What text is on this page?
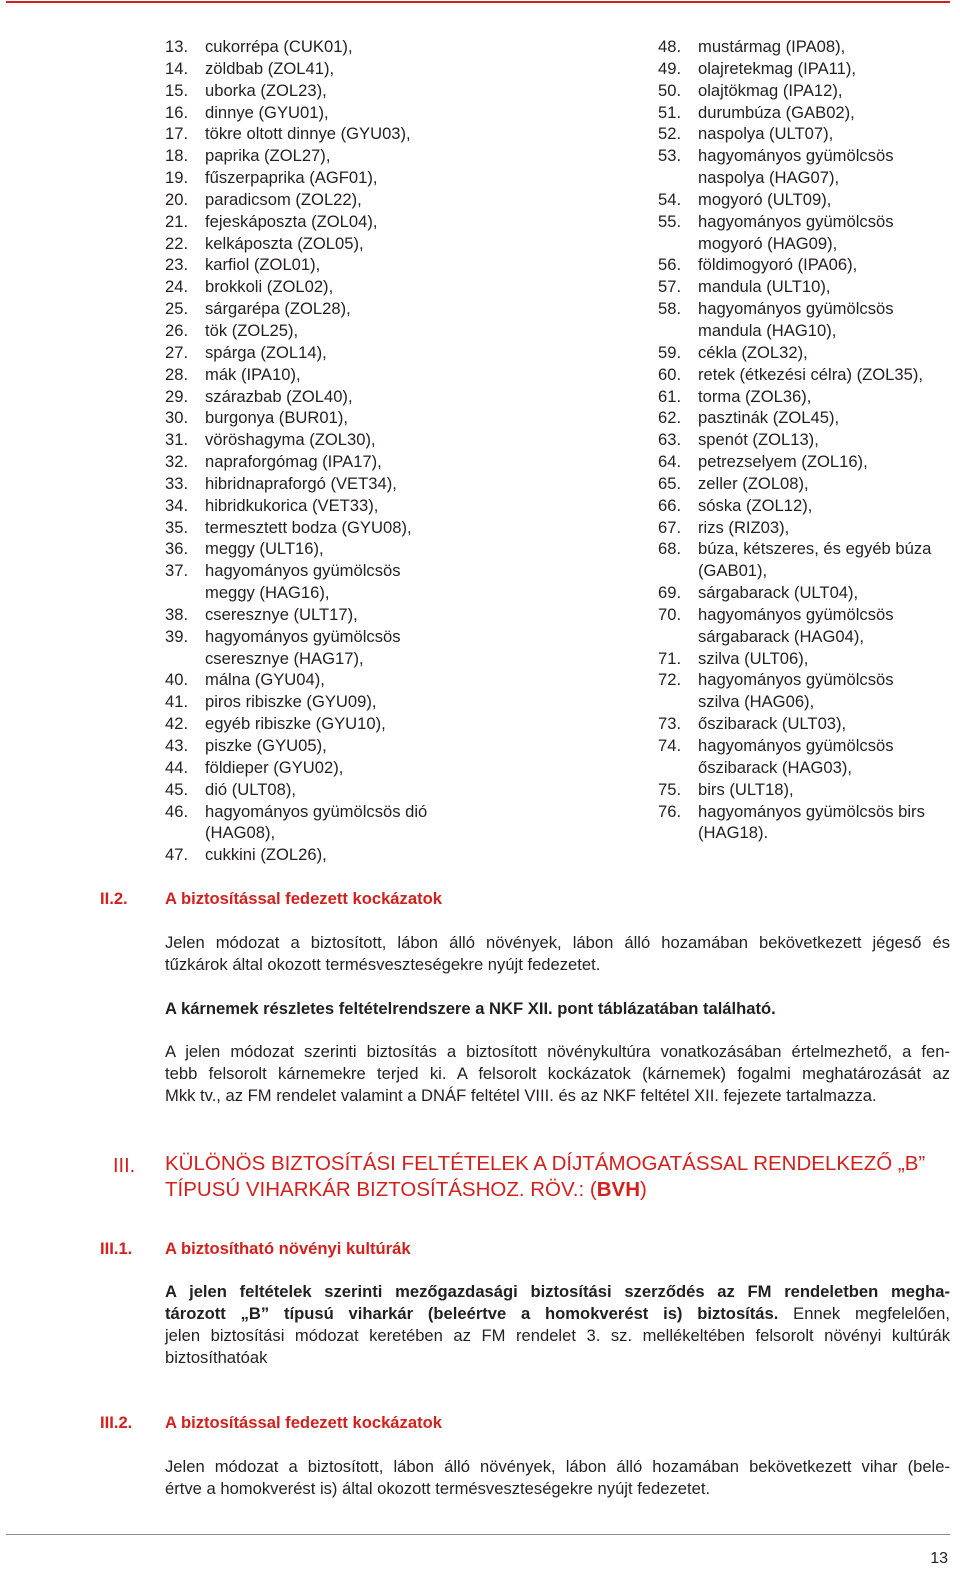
13.	cukorrépa (CUK01),
14.	zöldbab (ZOL41),
15.	uborka (ZOL23),
16.	dinnye (GYU01),
17.	tökre oltott dinnye (GYU03),
18.	paprika (ZOL27),
19.	fűszerpaprika (AGF01),
20.	paradicsom (ZOL22),
21.	fejeskáposzta (ZOL04),
22.	kelkáposzta (ZOL05),
23.	karfiol (ZOL01),
24.	brokkoli (ZOL02),
25.	sárgarépa (ZOL28),
26.	tök (ZOL25),
27.	spárga (ZOL14),
28.	mák (IPA10),
29.	szárazbab (ZOL40),
30.	burgonya (BUR01),
31.	vöröshagyma (ZOL30),
32.	napraforgómag (IPA17),
33.	hibridnapraforgó (VET34),
34.	hibridkukorica (VET33),
35.	termesztett bodza (GYU08),
36.	meggy (ULT16),
37.	hagyományos gyümölcsös
meggy (HAG16),
38.	cseresznye (ULT17),
39.	hagyományos gyümölcsös
cseresznye (HAG17),
40.	málna (GYU04),
41.	piros ribiszke (GYU09),
42.	egyéb ribiszke (GYU10),
43.	piszke (GYU05),
44.	földieper (GYU02),
45.	dió (ULT08),
46.	hagyományos gyümölcsös dió
(HAG08),
47.	cukkini (ZOL26),
48.	mustármag (IPA08),
49.	olajretekmag (IPA11),
50.	olajtökmag (IPA12),
51.	durumbúza (GAB02),
52.	naspolya (ULT07),
53.	hagyományos gyümölcsös
naspolya (HAG07),
54.	mogyoró (ULT09),
55.	hagyományos gyümölcsös
mogyoró (HAG09),
56.	földimogyoró (IPA06),
57.	mandula (ULT10),
58.	hagyományos gyümölcsös
mandula (HAG10),
59.	cékla (ZOL32),
60.	retek (étkezési célra) (ZOL35),
61.	torma (ZOL36),
62.	pasztinák (ZOL45),
63.	spenót (ZOL13),
64.	petrezselyem (ZOL16),
65.	zeller (ZOL08),
66.	sóska (ZOL12),
67.	rizs (RIZ03),
68.	búza, kétszeres, és egyéb búza
(GAB01),
69.	sárgabarack (ULT04),
70.	hagyományos gyümölcsös
sárgabarack (HAG04),
71.	szilva (ULT06),
72.	hagyományos gyümölcsös
szilva (HAG06),
73.	őszibarack (ULT03),
74.	hagyományos gyümölcsös
őszibarack (HAG03),
75.	birs (ULT18),
76.	hagyományos gyümölcsös birs
(HAG18).
II.2. A biztosítással fedezett kockázatok
Jelen módozat a biztosított, lábon álló növények, lábon álló hozamában bekövetkezett jégeső és
tűzkárok által okozott termésveszteségekre nyújt fedezetet.
A kárnemek részletes feltételrendszere a NKF XII. pont táblázatában található.
A jelen módozat szerinti biztosítás a biztosított növénykultúra vonatkozásában értelmezhető, a fen-
tebb felsorolt kárnemekre terjed ki. A felsorolt kockázatok (kárnemek) fogalmi meghatározását az
Mkk tv., az FM rendelet valamint a DNÁF feltétel VIII. és az NKF feltétel XII. fejezete tartalmazza.
III. KÜLÖNÖS BIZTOSÍTÁSI FELTÉTELEK A DÍJTÁMOGATÁSSAL RENDELKEZŐ „B”
TÍPUSÚ VIHARKÁR BIZTOSÍTÁSHOZ. RÖV.: (BVH)
III.1. A biztosítható növényi kultúrák
A jelen feltételek szerinti mezőgazdasági biztosítási szerződés az FM rendeletben megha-
tározott „B” típusú viharkár (beleértve a homokverést is) biztosítás. Ennek megfelelően,
jelen biztosítási módozat keretében az FM rendelet 3. sz. mellékeltében felsorolt növényi kultúrák
biztosíthatóak
III.2. A biztosítással fedezett kockázatok
Jelen módozat a biztosított, lábon álló növények, lábon álló hozamában bekövetkezett vihar (bele-
értve a homokverést is) által okozott termésveszteségekre nyújt fedezetet.
13
